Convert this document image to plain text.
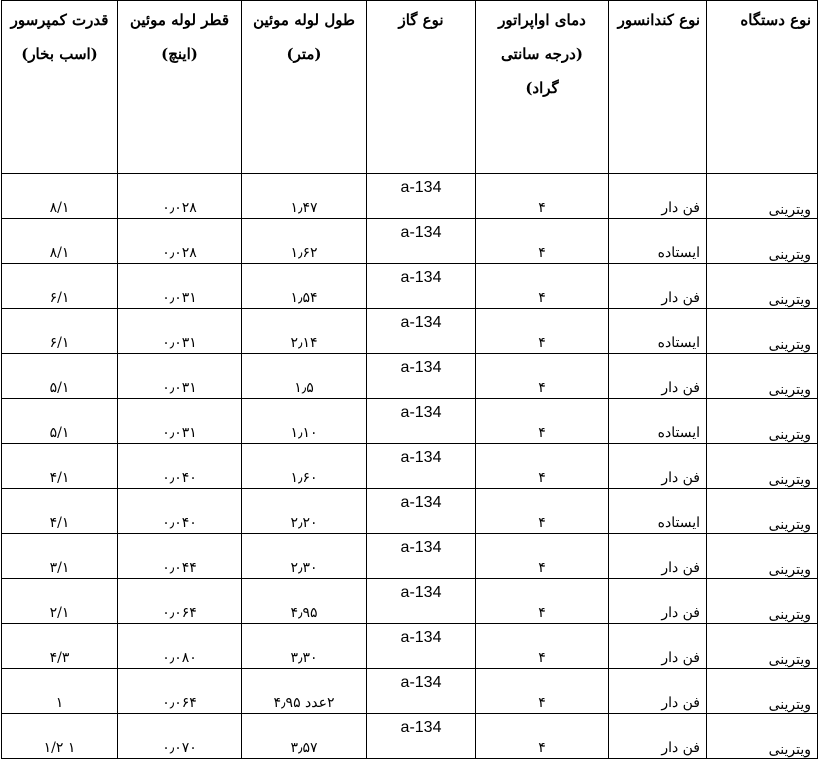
نوع دستگاه	نوع کندانسور	دمای اواپراتور (درجه سانتی گراد)	نوع گاز	طول لوله موئین (متر)	قطر لوله موئین (اینچ)	قدرت کمپرسور (اسب بخار)
ویترینی	فن دار	۴	134-a	۱٫۴۷	۰٫۰۲۸	۸/۱
ویترینی	ایستاده	۴	134-a	۱٫۶۲	۰٫۰۲۸	۸/۱
ویترینی	فن دار	۴	134-a	۱٫۵۴	۰٫۰۳۱	۶/۱
ویترینی	ایستاده	۴	134-a	۲٫۱۴	۰٫۰۳۱	۶/۱
ویترینی	فن دار	۴	134-a	۱٫۵	۰٫۰۳۱	۵/۱
ویترینی	ایستاده	۴	134-a	۱٫۱۰	۰٫۰۳۱	۵/۱
ویترینی	فن دار	۴	134-a	۱٫۶۰	۰٫۰۴۰	۴/۱
ویترینی	ایستاده	۴	134-a	۲٫۲۰	۰٫۰۴۰	۴/۱
ویترینی	فن دار	۴	134-a	۲٫۳۰	۰٫۰۴۴	۳/۱
ویترینی	فن دار	۴	134-a	۴٫۹۵	۰٫۰۶۴	۲/۱
ویترینی	فن دار	۴	134-a	۳٫۳۰	۰٫۰۸۰	۴/۳
ویترینی	فن دار	۴	134-a	۲عدد ۴٫۹۵	۰٫۰۶۴	۱
ویترینی	فن دار	۴	134-a	۳٫۵۷	۰٫۰۷۰	۱ ۱/۲
